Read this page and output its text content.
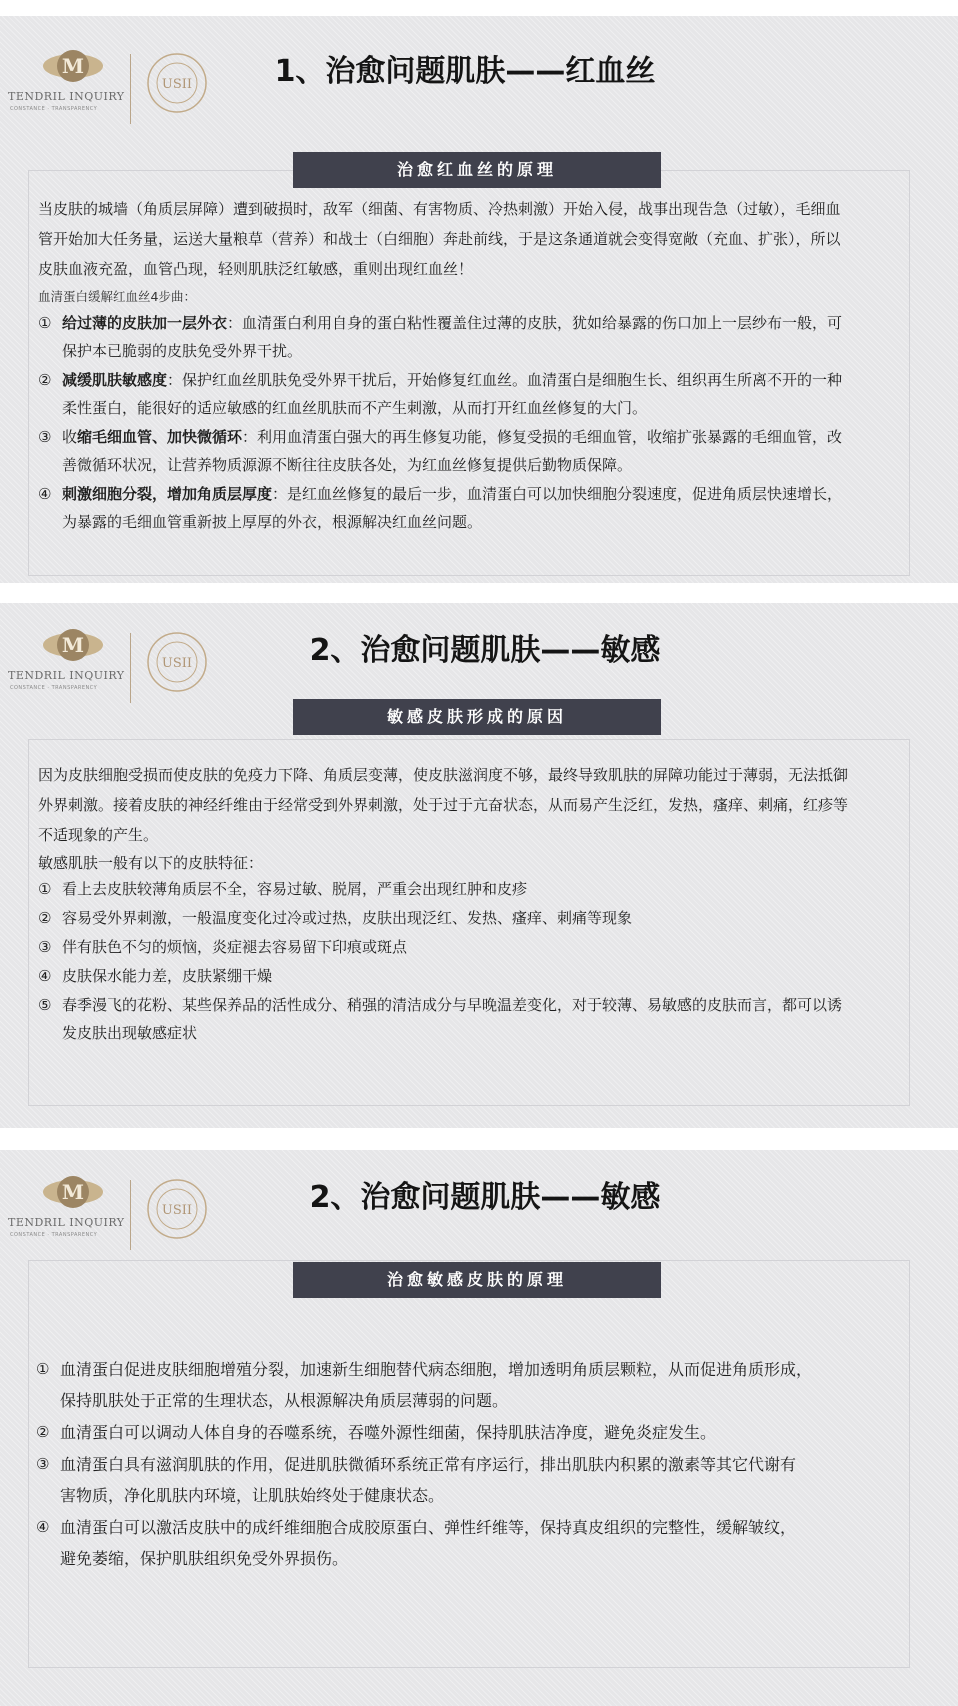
M
TENDRIL INQUIRY
CONSTANCE · TRANSPARENCY
USII	1、治愈问题肌肤——红血丝
治愈红血丝的原理
当皮肤的城墙（角质层屏障）遭到破损时，敌军（细菌、有害物质、冷热刺激）开始入侵，战事出现告急（过敏），毛细血
管开始加大任务量，运送大量粮草（营养）和战士（白细胞）奔赴前线，于是这条通道就会变得宽敞（充血、扩张），所以
皮肤血液充盈，血管凸现，轻则肌肤泛红敏感，重则出现红血丝！
血清蛋白缓解红血丝4步曲：
① 给过薄的皮肤加一层外衣：血清蛋白利用自身的蛋白粘性覆盖住过薄的皮肤，犹如给暴露的伤口加上一层纱布一般，可
保护本已脆弱的皮肤免受外界干扰。
② 减缓肌肤敏感度：保护红血丝肌肤免受外界干扰后，开始修复红血丝。血清蛋白是细胞生长、组织再生所离不开的一种
柔性蛋白，能很好的适应敏感的红血丝肌肤而不产生刺激，从而打开红血丝修复的大门。
③ 收缩毛细血管、加快微循环：利用血清蛋白强大的再生修复功能，修复受损的毛细血管，收缩扩张暴露的毛细血管，改
善微循环状况，让营养物质源源不断往往皮肤各处，为红血丝修复提供后勤物质保障。
④ 刺激细胞分裂，增加角质层厚度：是红血丝修复的最后一步，血清蛋白可以加快细胞分裂速度，促进角质层快速增长，
为暴露的毛细血管重新披上厚厚的外衣，根源解决红血丝问题。
M
TENDRIL INQUIRY
CONSTANCE · TRANSPARENCY
USII	2、治愈问题肌肤——敏感
敏感皮肤形成的原因
因为皮肤细胞受损而使皮肤的免疫力下降、角质层变薄，使皮肤滋润度不够，最终导致肌肤的屏障功能过于薄弱，无法抵御
外界刺激。接着皮肤的神经纤维由于经常受到外界刺激，处于过于亢奋状态，从而易产生泛红，发热，瘙痒、刺痛，红疹等
不适现象的产生。
敏感肌肤一般有以下的皮肤特征：
① 看上去皮肤较薄角质层不全，容易过敏、脱屑，严重会出现红肿和皮疹
② 容易受外界刺激，一般温度变化过冷或过热，皮肤出现泛红、发热、瘙痒、刺痛等现象
③ 伴有肤色不匀的烦恼，炎症褪去容易留下印痕或斑点
④ 皮肤保水能力差，皮肤紧绷干燥
⑤ 春季漫飞的花粉、某些保养品的活性成分、稍强的清洁成分与早晚温差变化，对于较薄、易敏感的皮肤而言，都可以诱
发皮肤出现敏感症状
M
TENDRIL INQUIRY
CONSTANCE · TRANSPARENCY
USII	2、治愈问题肌肤——敏感
治愈敏感皮肤的原理
① 血清蛋白促进皮肤细胞增殖分裂，加速新生细胞替代病态细胞，增加透明角质层颗粒，从而促进角质形成，
保持肌肤处于正常的生理状态，从根源解决角质层薄弱的问题。
② 血清蛋白可以调动人体自身的吞噬系统，吞噬外源性细菌，保持肌肤洁净度，避免炎症发生。
③ 血清蛋白具有滋润肌肤的作用，促进肌肤微循环系统正常有序运行，排出肌肤内积累的激素等其它代谢有
害物质，净化肌肤内环境，让肌肤始终处于健康状态。
④ 血清蛋白可以激活皮肤中的成纤维细胞合成胶原蛋白、弹性纤维等，保持真皮组织的完整性，缓解皱纹，
避免萎缩，保护肌肤组织免受外界损伤。
